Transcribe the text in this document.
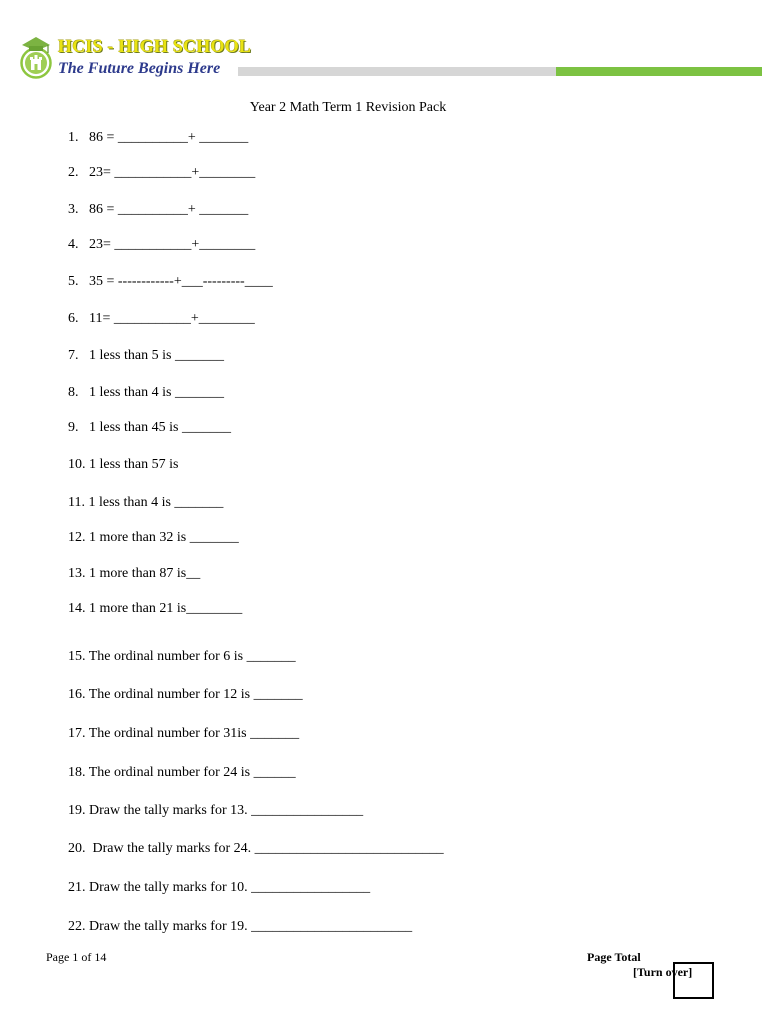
HCIS - HIGH SCHOOL
The Future Begins Here
Year 2 Math Term 1 Revision Pack
1.   86 = __________+ _______
2.   23= ___________+________
3.   86 = __________+ _______
4.   23= ___________+________
5.   35 = ------------+___---------____
6.   11= ___________+________
7.   1 less than 5 is _______
8.   1 less than 4 is _______
9.   1 less than 45 is _______
10. 1 less than 57 is
11. 1 less than 4 is _______
12. 1 more than 32 is _______
13. 1 more than 87 is__
14. 1 more than 21 is________
15. The ordinal number for 6 is _______
16. The ordinal number for 12 is _______
17. The ordinal number for 31is _______
18. The ordinal number for 24 is ______
19. Draw the tally marks for 13. ________________
20.  Draw the tally marks for 24. ___________________________
21. Draw the tally marks for 10. _________________
22. Draw the tally marks for 19. _______________________
Page 1 of 14	Page Total
[Turn over]
